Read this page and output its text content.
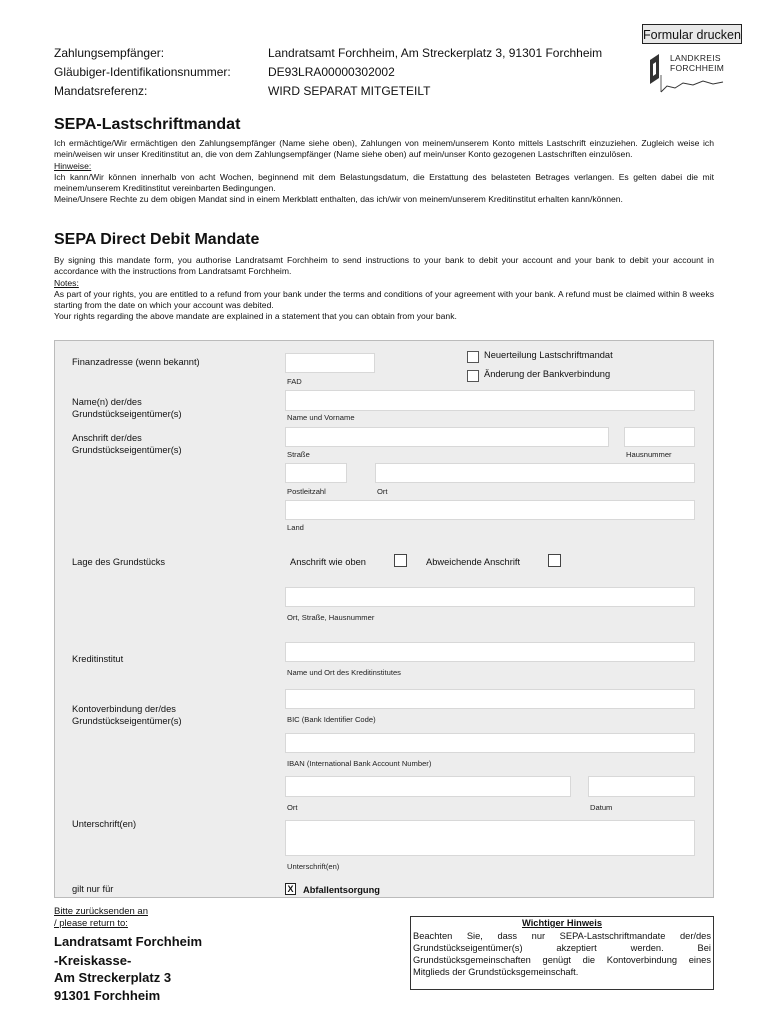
Formular drucken
Zahlungsempfänger:	Landratsamt Forchheim, Am Streckerplatz 3, 91301 Forchheim
Gläubiger-Identifikationsnummer:	DE93LRA00000302002
Mandatsreferenz:	WIRD SEPARAT MITGETEILT
LANDKREIS
FORCHHEIM
SEPA-Lastschriftmandat
Ich ermächtige/Wir ermächtigen den Zahlungsempfänger (Name siehe oben), Zahlungen von meinem/unserem Konto mittels Lastschrift einzuziehen. Zugleich weise ich mein/weisen wir unser Kreditinstitut an, die von dem Zahlungsempfänger (Name siehe oben) auf mein/unser Konto gezogenen Lastschriften einzulösen.
Hinweise:
Ich kann/Wir können innerhalb von acht Wochen, beginnend mit dem Belastungsdatum, die Erstattung des belasteten Betrages verlangen. Es gelten dabei die mit meinem/unserem Kreditinstitut vereinbarten Bedingungen.
Meine/Unsere Rechte zu dem obigen Mandat sind in einem Merkblatt enthalten, das ich/wir von meinem/unserem Kreditinstitut erhalten kann/können.
SEPA Direct Debit Mandate
By signing this mandate form, you authorise Landratsamt Forchheim to send instructions to your bank to debit your account and your bank to debit your account in accordance with the instructions from Landratsamt Forchheim.
Notes:
As part of your rights, you are entitled to a refund from your bank under the terms and conditions of your agreement with your bank. A refund must be claimed within 8 weeks starting from the date on which your account was debited.
Your rights regarding the above mandate are explained in a statement that you can obtain from your bank.
Finanzadresse (wenn bekannt)
FAD
Neuerteilung Lastschriftmandat
Änderung der Bankverbindung
Name(n) der/des Grundstückseigentümer(s)	Name und Vorname
Anschrift der/des Grundstückseigentümer(s)	Straße	Hausnummer
Postleitzahl	Ort
Land
Lage des Grundstücks	Anschrift wie oben	Abweichende Anschrift
Ort, Straße, Hausnummer
Kreditinstitut
Name und Ort des Kreditinstitutes
Kontoverbindung der/des Grundstückseigentümer(s)	BIC (Bank Identifier Code)
IBAN (International Bank Account Number)
Ort	Datum
Unterschrift(en)
Unterschrift(en)
gilt nur für	X Abfallentsorgung
Bitte zurücksenden an
/ please return to:
Landratsamt Forchheim
-Kreiskasse-
Am Streckerplatz 3
91301 Forchheim
Wichtiger Hinweis
Beachten Sie, dass nur SEPA-Lastschriftmandate der/des Grundstückseigentümer(s) akzeptiert werden. Bei Grundstücksgemeinschaften genügt die Kontoverbindung eines Mitglieds der Grundstücksgemeinschaft.
